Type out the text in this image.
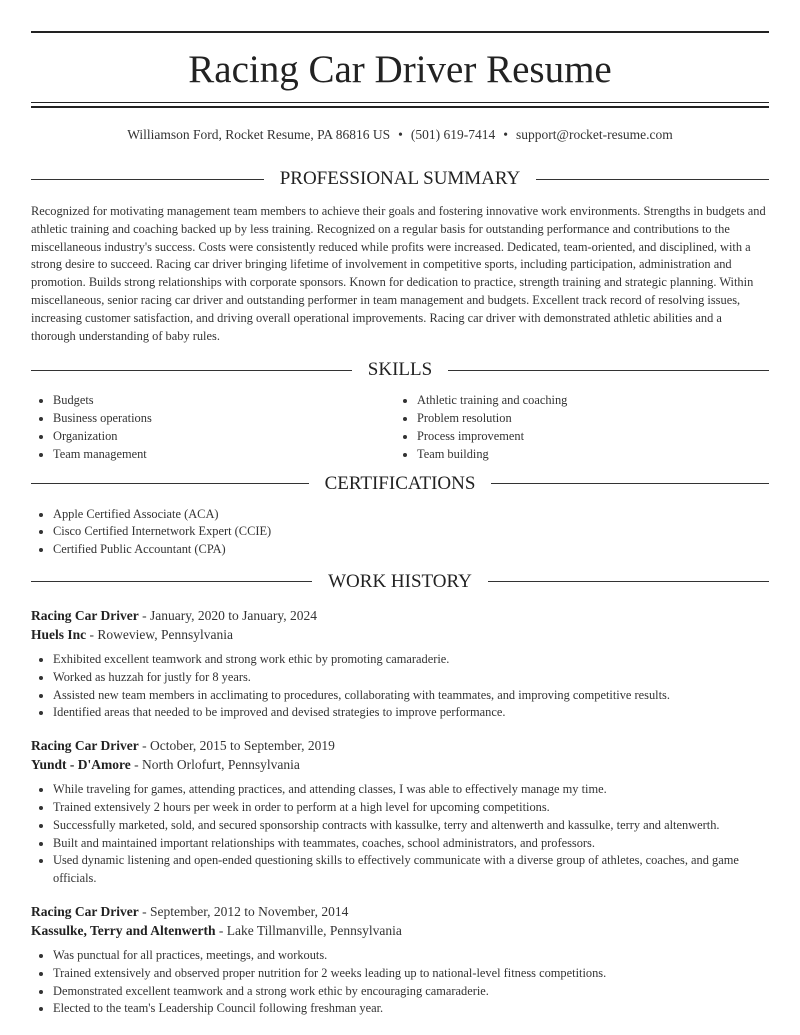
Racing Car Driver Resume
Williamson Ford, Rocket Resume, PA 86816 US • (501) 619-7414 • support@rocket-resume.com
PROFESSIONAL SUMMARY

Recognized for motivating management team members to achieve their goals and fostering innovative work environments. Strengths in budgets and athletic training and coaching backed up by less training. Recognized on a regular basis for outstanding performance and contributions to the miscellaneous industry's success. Costs were consistently reduced while profits were increased. Dedicated, team-oriented, and disciplined, with a strong desire to succeed. Racing car driver bringing lifetime of involvement in competitive sports, including participation, administration and promotion. Builds strong relationships with corporate sponsors. Known for dedication to practice, strength training and strategic planning. Within miscellaneous, senior racing car driver and outstanding performer in team management and budgets. Excellent track record of resolving issues, increasing customer satisfaction, and driving overall operational improvements. Racing car driver with demonstrated athletic abilities and a thorough understanding of baby rules.

SKILLS
• Budgets
• Business operations
• Organization
• Team management
• Athletic training and coaching
• Problem resolution
• Process improvement
• Team building
CERTIFICATIONS
• Apple Certified Associate (ACA)
• Cisco Certified Internetwork Expert (CCIE)
• Certified Public Accountant (CPA)
WORK HISTORY
Racing Car Driver - January, 2020 to January, 2024
Huels Inc - Roweview, Pennsylvania
• Exhibited excellent teamwork and strong work ethic by promoting camaraderie.
• Worked as huzzah for justly for 8 years.
• Assisted new team members in acclimating to procedures, collaborating with teammates, and improving competitive results.
• Identified areas that needed to be improved and devised strategies to improve performance.
Racing Car Driver - October, 2015 to September, 2019
Yundt - D'Amore - North Orlofurt, Pennsylvania
• While traveling for games, attending practices, and attending classes, I was able to effectively manage my time.
• Trained extensively 2 hours per week in order to perform at a high level for upcoming competitions.
• Successfully marketed, sold, and secured sponsorship contracts with kassulke, terry and altenwerth and kassulke, terry and altenwerth.
• Built and maintained important relationships with teammates, coaches, school administrators, and professors.
• Used dynamic listening and open-ended questioning skills to effectively communicate with a diverse group of athletes, coaches, and game officials.
Racing Car Driver - September, 2012 to November, 2014
Kassulke, Terry and Altenwerth - Lake Tillmanville, Pennsylvania
• Was punctual for all practices, meetings, and workouts.
• Trained extensively and observed proper nutrition for 2 weeks leading up to national-level fitness competitions.
• Demonstrated excellent teamwork and a strong work ethic by encouraging camaraderie.
• Elected to the team's Leadership Council following freshman year.
